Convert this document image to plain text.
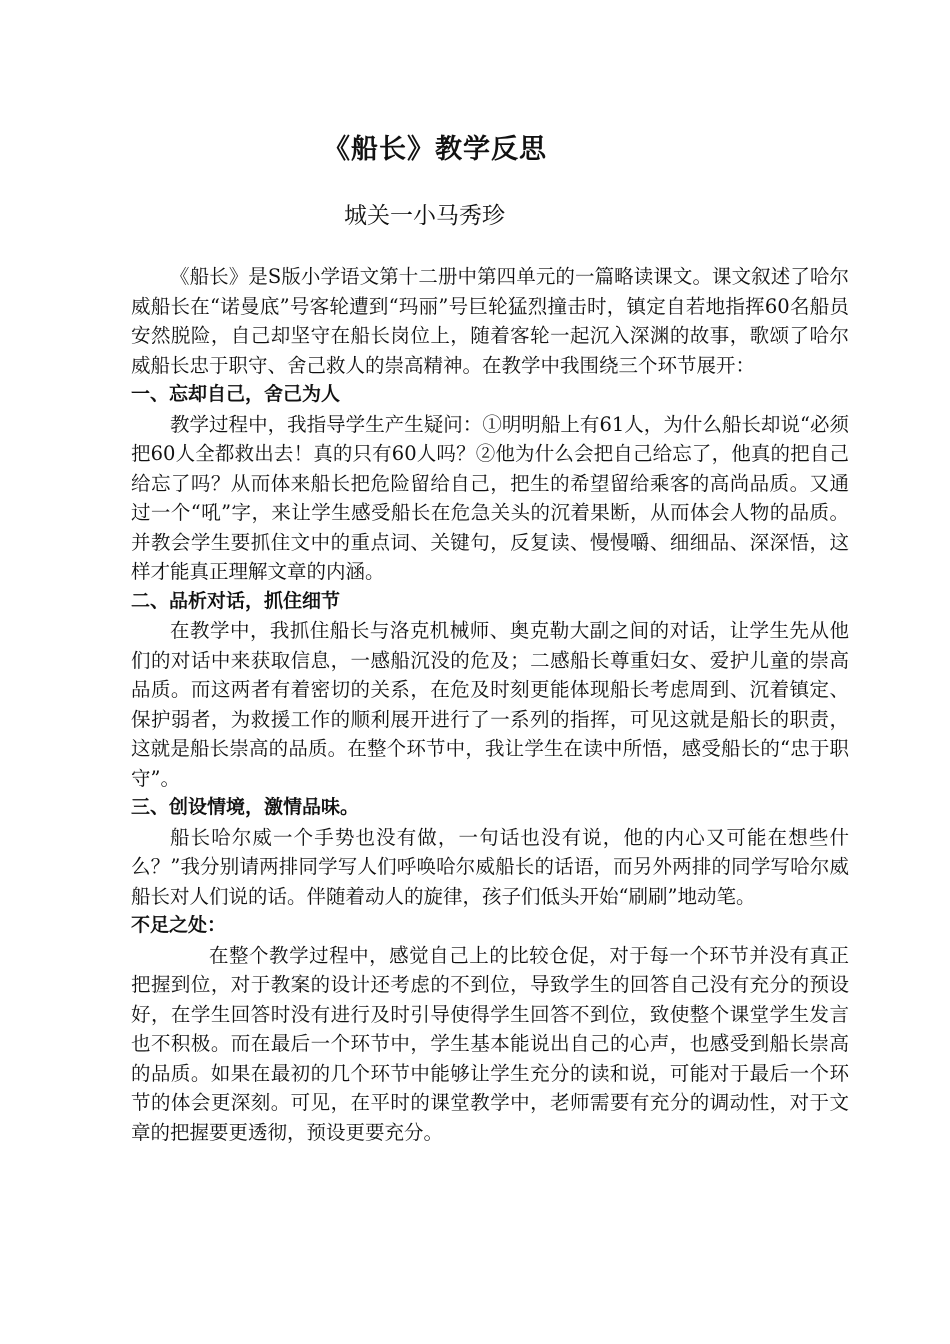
《船长》教学反思

城关一小马秀珍

《船长》是S版小学语文第十二册中第四单元的一篇略读课文。课文叙述了哈尔威船长在“诺曼底”号客轮遭到“玛丽”号巨轮猛烈撞击时，镇定自若地指挥60名船员安然脱险，自己却坚守在船长岗位上，随着客轮一起沉入深渊的故事，歌颂了哈尔威船长忠于职守、舍己救人的崇高精神。在教学中我围绕三个环节展开：

一、忘却自己，舍己为人

教学过程中，我指导学生产生疑问：①明明船上有61人，为什么船长却说“必须把60人全都救出去！真的只有60人吗？②他为什么会把自己给忘了，他真的把自己给忘了吗？从而体来船长把危险留给自己，把生的希望留给乘客的高尚品质。又通过一个“吼”字，来让学生感受船长在危急关头的沉着果断，从而体会人物的品质。并教会学生要抓住文中的重点词、关键句，反复读、慢慢嚼、细细品、深深悟，这样才能真正理解文章的内涵。

二、品析对话，抓住细节

在教学中，我抓住船长与洛克机械师、奥克勒大副之间的对话，让学生先从他们的对话中来获取信息，一感船沉没的危及；二感船长尊重妇女、爱护儿童的崇高品质。而这两者有着密切的关系，在危及时刻更能体现船长考虑周到、沉着镇定、保护弱者，为救援工作的顺利展开进行了一系列的指挥，可见这就是船长的职责，这就是船长崇高的品质。在整个环节中，我让学生在读中所悟，感受船长的“忠于职守”。

三、创设情境，激情品味。

船长哈尔威一个手势也没有做，一句话也没有说，他的内心又可能在想些什么？”我分别请两排同学写人们呼唤哈尔威船长的话语，而另外两排的同学写哈尔威船长对人们说的话。伴随着动人的旋律，孩子们低头开始“刷刷”地动笔。

不足之处：

在整个教学过程中，感觉自己上的比较仓促，对于每一个环节并没有真正把握到位，对于教案的设计还考虑的不到位，导致学生的回答自己没有充分的预设好，在学生回答时没有进行及时引导使得学生回答不到位，致使整个课堂学生发言也不积极。而在最后一个环节中，学生基本能说出自己的心声，也感受到船长崇高的品质。如果在最初的几个环节中能够让学生充分的读和说，可能对于最后一个环节的体会更深刻。可见，在平时的课堂教学中，老师需要有充分的调动性，对于文章的把握要更透彻，预设更要充分。
